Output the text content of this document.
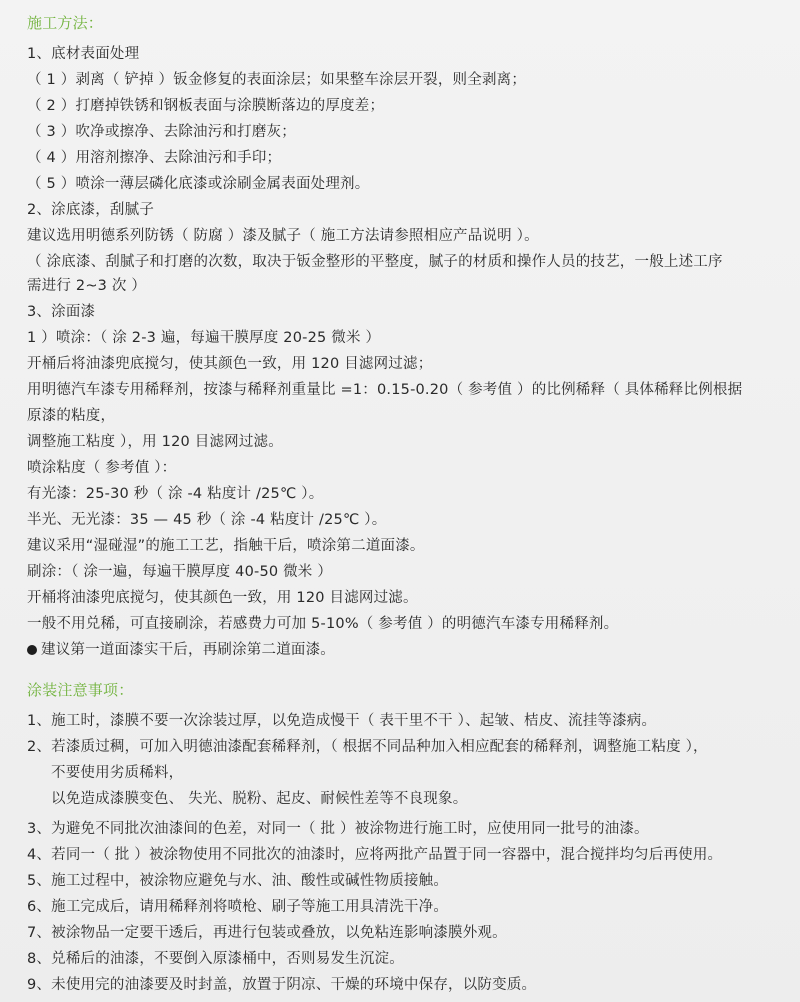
施工方法：
1、底材表面处理
（ 1 ）剥离（ 铲掉 ）钣金修复的表面涂层；如果整车涂层开裂，则全剥离；
（ 2 ）打磨掉铁锈和钢板表面与涂膜断落边的厚度差；
（ 3 ）吹净或擦净、去除油污和打磨灰；
（ 4 ）用溶剂擦净、去除油污和手印；
（ 5 ）喷涂一薄层磷化底漆或涂刷金属表面处理剂。
2、涂底漆，刮腻子
建议选用明德系列防锈（ 防腐 ）漆及腻子（ 施工方法请参照相应产品说明 ）。
（ 涂底漆、刮腻子和打磨的次数，取决于钣金整形的平整度，腻子的材质和操作人员的技艺，一般上述工序
需进行 2~3 次 ）
3、涂面漆
1 ）喷涂：（ 涂 2-3 遍，每遍干膜厚度 20-25 微米 ）
开桶后将油漆兜底搅匀，使其颜色一致，用 120 目滤网过滤；
用明德汽车漆专用稀释剂，按漆与稀释剂重量比 =1：0.15-0.20（ 参考值 ）的比例稀释（ 具体稀释比例根据
原漆的粘度，
调整施工粘度 ），用 120 目滤网过滤。
喷涂粘度（ 参考值 ）：
有光漆：25-30 秒（ 涂 -4 粘度计 /25℃ ）。
半光、无光漆：35 — 45 秒（ 涂 -4 粘度计 /25℃ ）。
建议采用“湿碰湿”的施工工艺，指触干后，喷涂第二道面漆。
刷涂：（ 涂一遍，每遍干膜厚度 40-50 微米 ）
开桶将油漆兜底搅匀，使其颜色一致，用 120 目滤网过滤。
一般不用兑稀，可直接刷涂，若感费力可加 5-10%（ 参考值 ）的明德汽车漆专用稀释剂。
建议第一道面漆实干后，再刷涂第二道面漆。
涂装注意事项：
1、施工时，漆膜不要一次涂装过厚，以免造成慢干（ 表干里不干 ）、起皱、桔皮、流挂等漆病。
2、若漆质过稠，可加入明德油漆配套稀释剂，（ 根据不同品种加入相应配套的稀释剂，调整施工粘度 ），
不要使用劣质稀料，
以免造成漆膜变色、 失光、脱粉、起皮、耐候性差等不良现象。
3、为避免不同批次油漆间的色差，对同一（ 批 ）被涂物进行施工时，应使用同一批号的油漆。
4、若同一（ 批 ）被涂物使用不同批次的油漆时，应将两批产品置于同一容器中，混合搅拌均匀后再使用。
5、施工过程中，被涂物应避免与水、油、酸性或碱性物质接触。
6、施工完成后，请用稀释剂将喷枪、刷子等施工用具清洗干净。
7、被涂物品一定要干透后，再进行包装或叠放，以免粘连影响漆膜外观。
8、兑稀后的油漆，不要倒入原漆桶中，否则易发生沉淀。
9、未使用完的油漆要及时封盖，放置于阴凉、干燥的环境中保存，以防变质。
